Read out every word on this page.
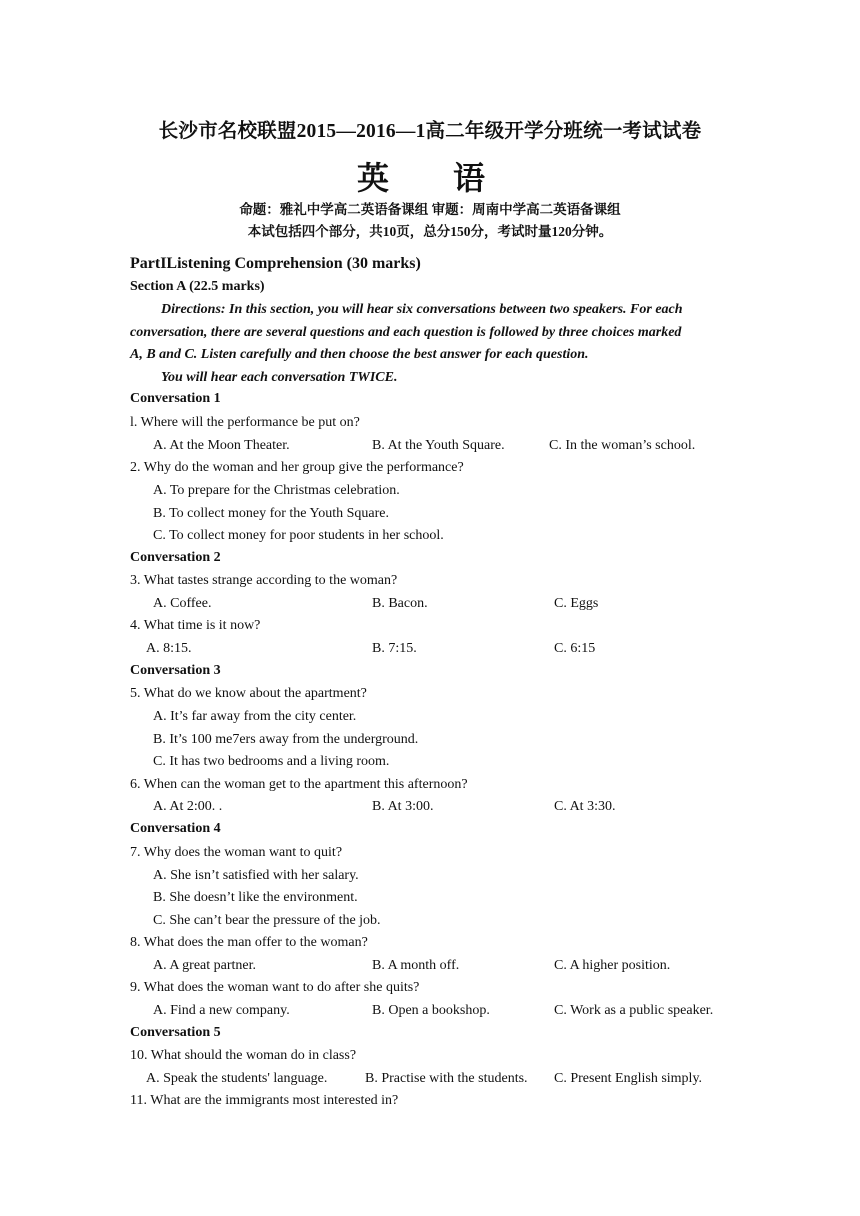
长沙市名校联盟2015—2016—1高二年级开学分班统一考试试卷
英 语
命题：雅礼中学高二英语备课组 审题：周南中学高二英语备课组
本试包括四个部分，共10页，总分150分，考试时量120分钟。
PartIListening Comprehension (30 marks)
Section A (22.5 marks)
Directions: In this section, you will hear six conversations between two speakers. For each
conversation, there are several questions and each question is followed by three choices marked
A, B and C. Listen carefully and then choose the best answer for each question.
You will hear each conversation TWICE.
Conversation 1
l. Where will the performance be put on?
A. At the Moon Theater.	B. At the Youth Square.	C. In the woman’s school.
2. Why do the woman and her group give the performance?
A. To prepare for the Christmas celebration.
B. To collect money for the Youth Square.
C. To collect money for poor students in her school.
Conversation 2
3. What tastes strange according to the woman?
A. Coffee.	B. Bacon.	C. Eggs
4. What time is it now?
A. 8:15.	B. 7:15.	C. 6:15
Conversation 3
5. What do we know about the apartment?
A. It’s far away from the city center.
B. It’s 100 me7ers away from the underground.
C. It has two bedrooms and a living room.
6. When can the woman get to the apartment this afternoon?
A. At 2:00. .	B. At 3:00.	C. At 3:30.
Conversation 4
7. Why does the woman want to quit?
A. She isn’t satisfied with her salary.
B. She doesn’t like the environment.
C. She can’t bear the pressure of the job.
8. What does the man offer to the woman?
A. A great partner.	B. A month off.	C. A higher position.
9. What does the woman want to do after she quits?
A. Find a new company.	B. Open a bookshop.	C. Work as a public speaker.
Conversation 5
10. What should the woman do in class?
A. Speak the students' language.	B. Practise with the students. C. Present English simply.
11. What are the immigrants most interested in?
